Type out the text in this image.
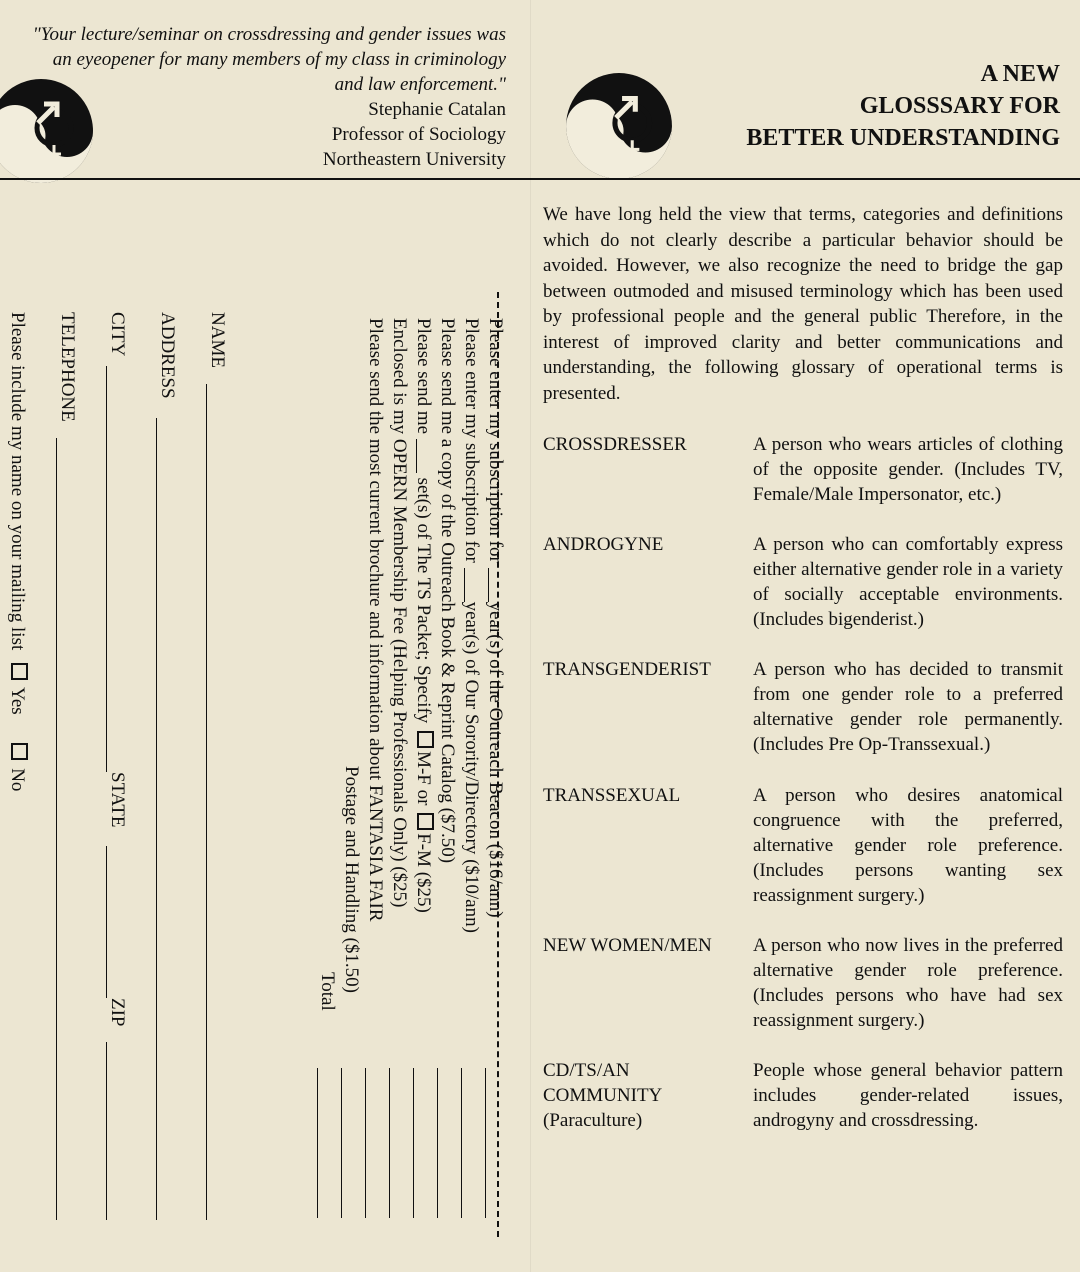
"Your lecture/seminar on crossdressing and gender issues was an eyeopener for many members of my class in criminology and law enforcement."
Stephanie Catalan
Professor of Sociology
Northeastern University
A NEW
GLOSSSARY FOR
BETTER UNDERSTANDING
We have long held the view that terms, categories and definitions which do not clearly describe a particular behavior should be avoided. However, we also recognize the need to bridge the gap between outmoded and misused terminology which has been used by professional people and the general public Therefore, in the interest of improved clarity and better communications and understanding, the following glossary of operational terms is presented.
CROSSDRESSER	A person who wears articles of clothing of the opposite gender. (Includes TV, Female/Male Impersonator, etc.)
ANDROGYNE	A person who can comfortably express either alternative gender role in a variety of socially acceptable environments. (Includes bigenderist.)
TRANSGENDERIST	A person who has decided to transmit from one gender role to a preferred alternative gender role permanently. (Includes Pre Op-Transsexual.)
TRANSSEXUAL	A person who desires anatomical congruence with the preferred, alternative gender role preference. (Includes persons wanting sex reassignment surgery.)
NEW WOMEN/MEN	A person who now lives in the preferred alternative gender role preference. (Includes persons who have had sex reassignment surgery.)
CD/TS/AN
COMMUNITY
(Paraculture)
People whose general behavior pattern includes gender-related issues, androgyny and crossdressing.
Please enter my subscription for year(s) of the Outreach Beacon ($16/ann)
Please enter my subscription for year(s) of Our Sorority/Directory ($10/ann)
Please send me a copy of the Outreach Book & Reprint Catalog ($7.50)
Please send me  set(s) of The TS Packet; Specify M-F or F-M ($25)
Enclosed is my OPERN Membership Fee (Helping Professionals Only) ($25)
Please send the most current brochure and information about FANTASIA FAIR
Postage and Handling ($1.50)
Total
NAME
ADDRESS
CITY
STATE
ZIP
TELEPHONE
Please include my name on your mailing list  Yes  No
